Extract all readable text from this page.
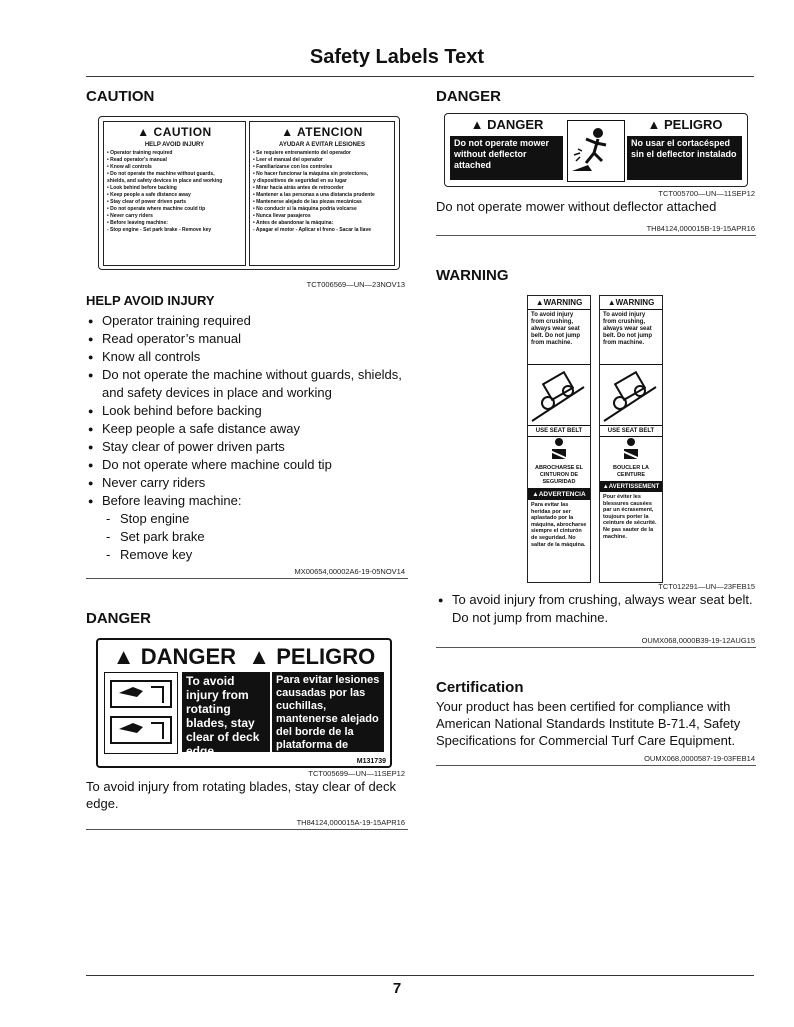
Safety Labels Text
CAUTION
▲ CAUTION
HELP AVOID INJURY
• Operator training required
• Read operator's manual
• Know all controls
• Do not operate the machine without guards,
shields, and safety devices in place and working
• Look behind before backing
• Keep people a safe distance away
• Stay clear of power driven parts
• Do not operate where machine could tip
• Never carry riders
• Before leaving machine:
- Stop engine - Set park brake - Remove key
▲ ATENCION
AYUDAR A EVITAR LESIONES
• Se requiere entrenamiento del operador
• Leer el manual del operador
• Familiarizarse con los controles
• No hacer funcionar la máquina sin protectores,
y dispositivos de seguridad en su lugar
• Mirar hacia atrás antes de retroceder
• Mantener a las personas a una distancia prudente
• Mantenerse alejado de las piezas mecánicas
• No conducir si la máquina podría volcarse
• Nunca llevar pasajeros
• Antes de abandonar la máquina:
- Apagar el motor - Aplicar el freno - Sacar la llave
TCT006569—UN—23NOV13
HELP AVOID INJURY
● Operator training required
● Read operator’s manual
● Know all controls
● Do not operate the machine without guards, shields, and safety devices in place and working
● Look behind before backing
● Keep people a safe distance away
● Stay clear of power driven parts
● Do not operate where machine could tip
● Never carry riders
● Before leaving machine:
- Stop engine
- Set park brake
- Remove key
MX00654,00002A6-19-05NOV14
DANGER
▲ DANGER ▲ PELIGRO
To avoid injury from rotating blades, stay clear of deck edge.
Para evitar lesiones causadas por las cuchillas, mantenerse alejado del borde de la plataforma de corte.	M131739
TCT005699—UN—11SEP12
To avoid injury from rotating blades, stay clear of deck edge.
TH84124,000015A-19-15APR16
DANGER
▲ DANGER	▲ PELIGRO
Do not operate mower without deflector attached
No usar el cortacésped sin el deflector instalado
TCT005700—UN—11SEP12
Do not operate mower without deflector attached
TH84124,000015B-19-15APR16
WARNING
▲WARNING
To avoid injury from crushing, always wear seat belt. Do not jump from machine.
USE SEAT BELT
ABROCHARSE EL CINTURON DE SEGURIDAD
▲ADVERTENCIA
Para evitar las heridas por ser aplastado por la máquina, abrocharse siempre el cinturón de seguridad. No saltar de la máquina.
▲WARNING
To avoid injury from crushing, always wear seat belt. Do not jump from machine.
USE SEAT BELT
BOUCLER LA CEINTURE
▲AVERTISSEMENT
Pour éviter les blessures causées par un écrasement, toujours porter la ceinture de sécurité. Ne pas sauter de la machine.
TCT012291—UN—23FEB15
● To avoid injury from crushing, always wear seat belt. Do not jump from machine.
OUMX068,0000B39-19-12AUG15
Certification
Your product has been certified for compliance with American National Standards Institute B-71.4, Safety Specifications for Commercial Turf Care Equipment.
OUMX068,0000587-19-03FEB14
7
